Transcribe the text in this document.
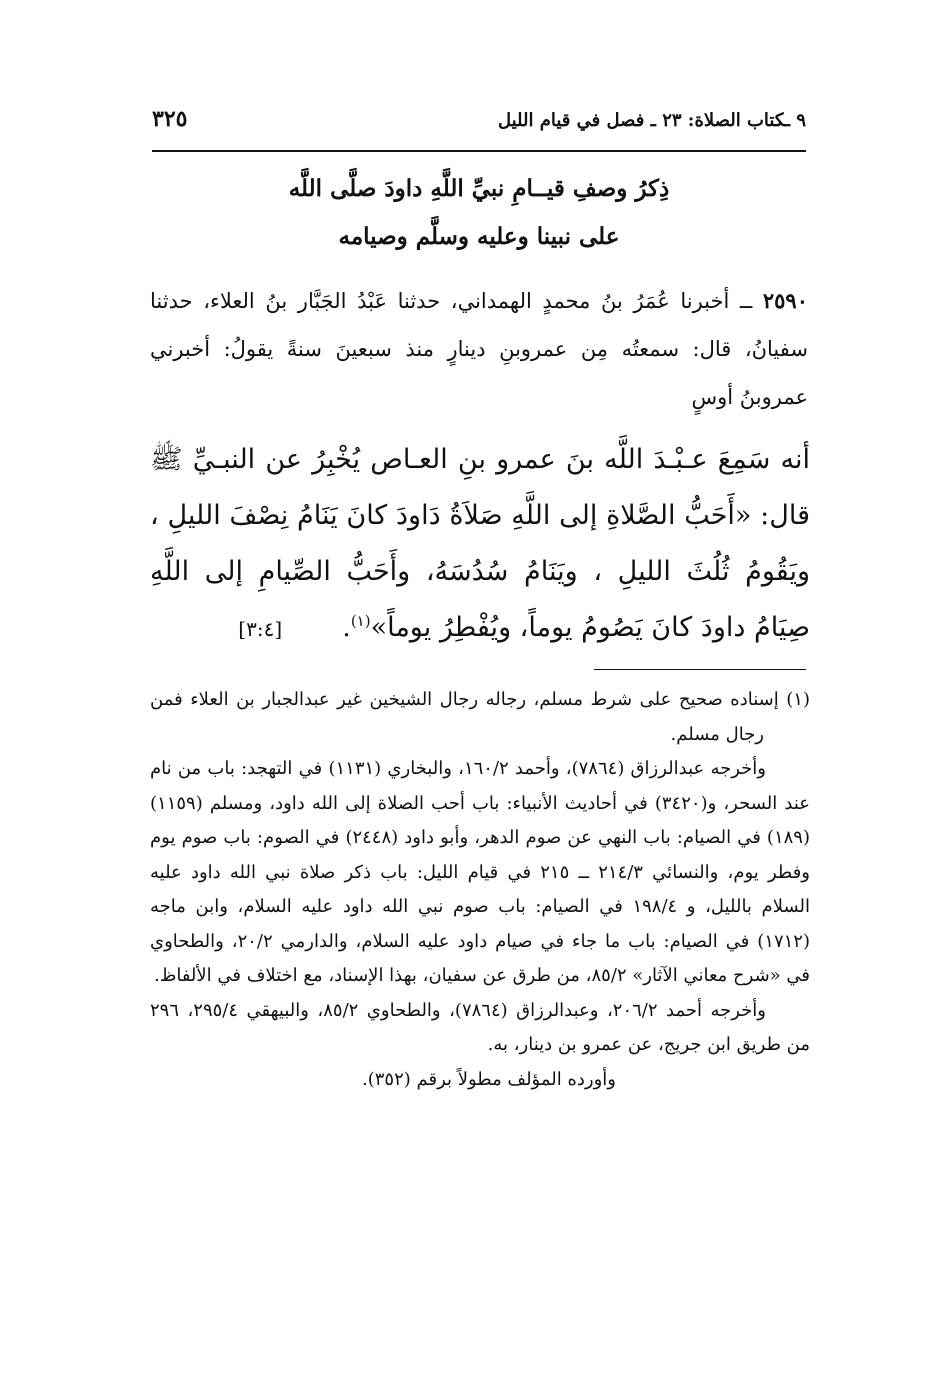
٩ ـكتاب الصلاة: ٢٣ ـ فصل في قيام الليل
٣٢٥
ذِكرُ وصفِ قيــامِ نبيِّ اللَّهِ داودَ صلَّى اللَّه
على نبينا وعليه وسلَّم وصيامه
٢٥٩٠ ــ أخبرنا عُمَرُ بنُ محمدٍ الهمداني، حدثنا عَبْدُ الجَبَّار بنُ العلاء، حدثنا سفيانُ، قال: سمعتُه مِن عمروبنِ دينارٍ منذ سبعينَ سنةً يقولُ: أخبرني عمروبنُ أوسٍ
أنه سَمِعَ عـبْـدَ اللَّه بنَ عمرو بنِ العـاص يُخْبِرُ عن النبـيِّ ﷺ قال: «أَحَبُّ الصَّلاةِ إلى اللَّهِ صَلاَةُ دَاودَ كانَ يَنَامُ نِصْفَ الليلِ ، ويَقُومُ ثُلُثَ الليلِ ، ويَنَامُ سُدُسَهُ، وأَحَبُّ الصِّيامِ إلى اللَّهِ صِيَامُ داودَ كانَ يَصُومُ يوماً، ويُفْطِرُ يوماً»$^{(١)}$.       [٣:٤]

(١) إسناده صحيح على شرط مسلم، رجاله رجال الشيخين غير عبدالجبار بن العلاء فمن رجال مسلم.

وأخرجه عبدالرزاق (٧٨٦٤)، وأحمد ١٦٠/٢، والبخاري (١١٣١) في التهجد: باب من نام عند السحر، و(٣٤٢٠) في أحاديث الأنبياء: باب أحب الصلاة إلى الله داود، ومسلم (١١٥٩) (١٨٩) في الصيام: باب النهي عن صوم الدهر، وأبو داود (٢٤٤٨) في الصوم: باب صوم يوم وفطر يوم، والنسائي ٢١٤/٣ ــ ٢١٥ في قيام الليل: باب ذكر صلاة نبي الله داود عليه السلام بالليل، و ١٩٨/٤ في الصيام: باب صوم نبي الله داود عليه السلام، وابن ماجه (١٧١٢) في الصيام: باب ما جاء في صيام داود عليه السلام، والدارمي ٢٠/٢، والطحاوي في «شرح معاني الآثار» ٨٥/٢، من طرق عن سفيان، بهذا الإسناد، مع اختلاف في الألفاظ.

وأخرجه أحمد ٢٠٦/٢، وعبدالرزاق (٧٨٦٤)، والطحاوي ٨٥/٢، والبيهقي ٢٩٥/٤، ٢٩٦ من طريق ابن جريج، عن عمرو بن دينار، به.

وأورده المؤلف مطولاً برقم (٣٥٢).
